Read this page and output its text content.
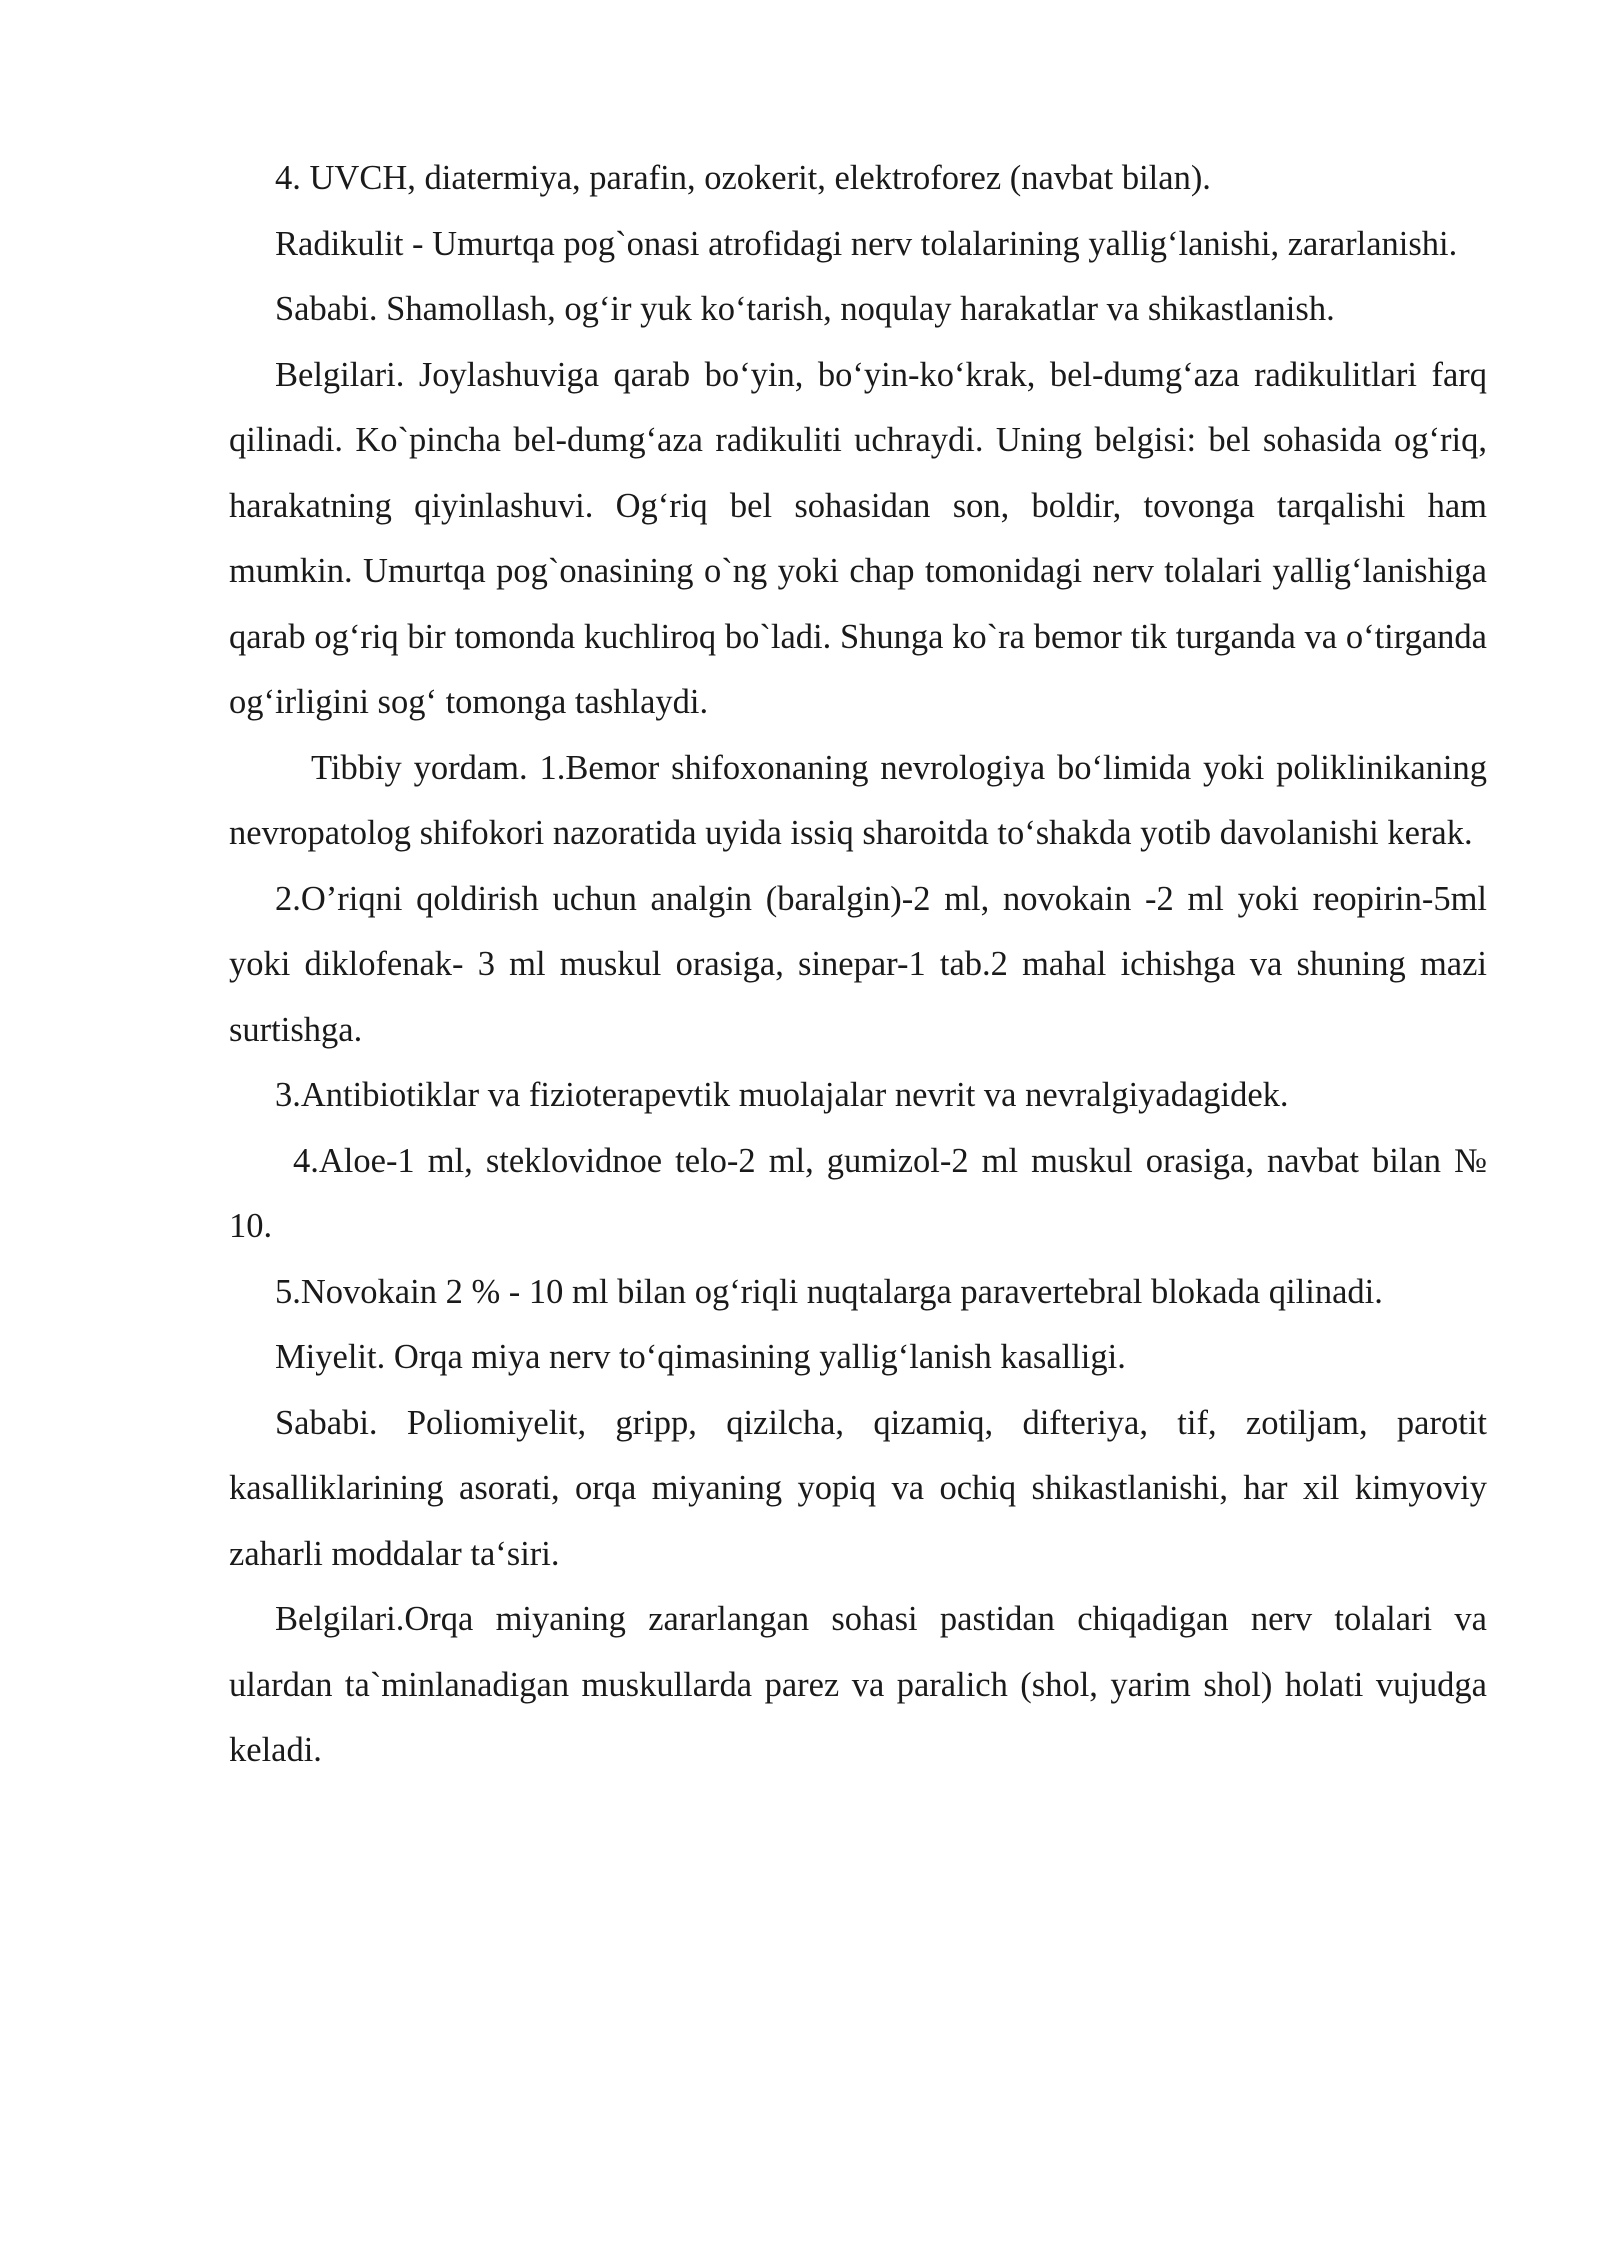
4. UVCH, diatermiya, parafin, ozokerit, elektroforez (navbat bilan).

Radikulit - Umurtqa pog`onasi atrofidagi nerv tolalarining yallig‘lanishi, zararlanishi.

Sababi. Shamollash, og‘ir yuk ko‘tarish, noqulay harakatlar va shikastlanish.

Belgilari. Joylashuviga qarab bo‘yin, bo‘yin-ko‘krak, bel-dumg‘aza radikulitlari farq qilinadi. Ko`pincha bel-dumg‘aza radikuliti uchraydi. Uning belgisi: bel sohasida og‘riq, harakatning qiyinlashuvi. Og‘riq bel sohasidan son, boldir, tovonga tarqalishi ham mumkin. Umurtqa pog`onasining o`ng yoki chap tomonidagi nerv tolalari yallig‘lanishiga qarab og‘riq bir tomonda kuchliroq bo`ladi. Shunga ko`ra bemor tik turganda va o‘tirganda og‘irligini sog‘ tomonga tashlaydi.

Tibbiy yordam. 1.Bemor shifoxonaning nevrologiya bo‘limida yoki poliklinikaning nevropatolog shifokori nazoratida uyida issiq sharoitda to‘shakda yotib davolanishi kerak.

2.O’riqni qoldirish uchun analgin (baralgin)-2 ml, novokain -2 ml yoki reopirin-5ml yoki diklofenak- 3 ml muskul orasiga, sinepar-1 tab.2 mahal ichishga va shuning mazi surtishga.

3.Antibiotiklar va fizioterapevtik muolajalar nevrit va nevralgiyadagidek.

4.Aloe-1 ml, steklovidnoe telo-2 ml, gumizol-2 ml muskul orasiga, navbat bilan № 10.

5.Novokain 2 % - 10 ml bilan og‘riqli nuqtalarga paravertebral blokada qilinadi.

Miyelit. Orqa miya nerv to‘qimasining yallig‘lanish kasalligi.

Sababi. Poliomiyelit, gripp, qizilcha, qizamiq, difteriya, tif, zotiljam, parotit kasalliklarining asorati, orqa miyaning yopiq va ochiq shikastlanishi, har xil kimyoviy zaharli moddalar ta‘siri.

Belgilari.Orqa miyaning zararlangan sohasi pastidan chiqadigan nerv tolalari va ulardan ta`minlanadigan muskullarda parez va paralich (shol, yarim shol) holati vujudga keladi.
